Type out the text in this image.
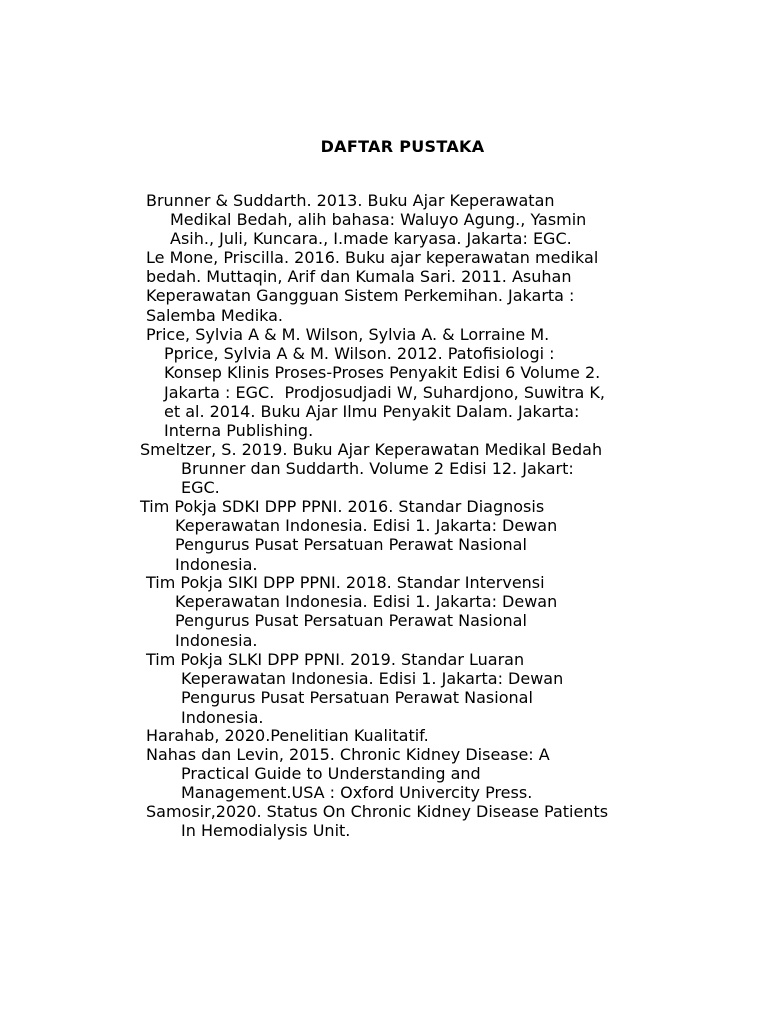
DAFTAR PUSTAKA
Brunner & Suddarth. 2013. Buku Ajar Keperawatan
Medikal Bedah, alih bahasa: Waluyo Agung., Yasmin
Asih., Juli, Kuncara., I.made karyasa. Jakarta: EGC.
Le Mone, Priscilla. 2016. Buku ajar keperawatan medikal
bedah. Muttaqin, Arif dan Kumala Sari. 2011. Asuhan
Keperawatan Gangguan Sistem Perkemihan. Jakarta :
Salemba Medika.
Price, Sylvia A & M. Wilson, Sylvia A. & Lorraine M.
Pprice, Sylvia A & M. Wilson. 2012. Patofisiologi :
Konsep Klinis Proses-Proses Penyakit Edisi 6 Volume 2.
Jakarta : EGC.  Prodjosudjadi W, Suhardjono, Suwitra K,
et al. 2014. Buku Ajar Ilmu Penyakit Dalam. Jakarta:
Interna Publishing.
Smeltzer, S. 2019. Buku Ajar Keperawatan Medikal Bedah
Brunner dan Suddarth. Volume 2 Edisi 12. Jakart:
EGC.
Tim Pokja SDKI DPP PPNI. 2016. Standar Diagnosis
Keperawatan Indonesia. Edisi 1. Jakarta: Dewan
Pengurus Pusat Persatuan Perawat Nasional
Indonesia.
Tim Pokja SIKI DPP PPNI. 2018. Standar Intervensi
Keperawatan Indonesia. Edisi 1. Jakarta: Dewan
Pengurus Pusat Persatuan Perawat Nasional
Indonesia.
Tim Pokja SLKI DPP PPNI. 2019. Standar Luaran
Keperawatan Indonesia. Edisi 1. Jakarta: Dewan
Pengurus Pusat Persatuan Perawat Nasional
Indonesia.
Harahab, 2020.Penelitian Kualitatif.
Nahas dan Levin, 2015. Chronic Kidney Disease: A
Practical Guide to Understanding and
Management.USA : Oxford Univercity Press.
Samosir,2020. Status On Chronic Kidney Disease Patients
In Hemodialysis Unit.
